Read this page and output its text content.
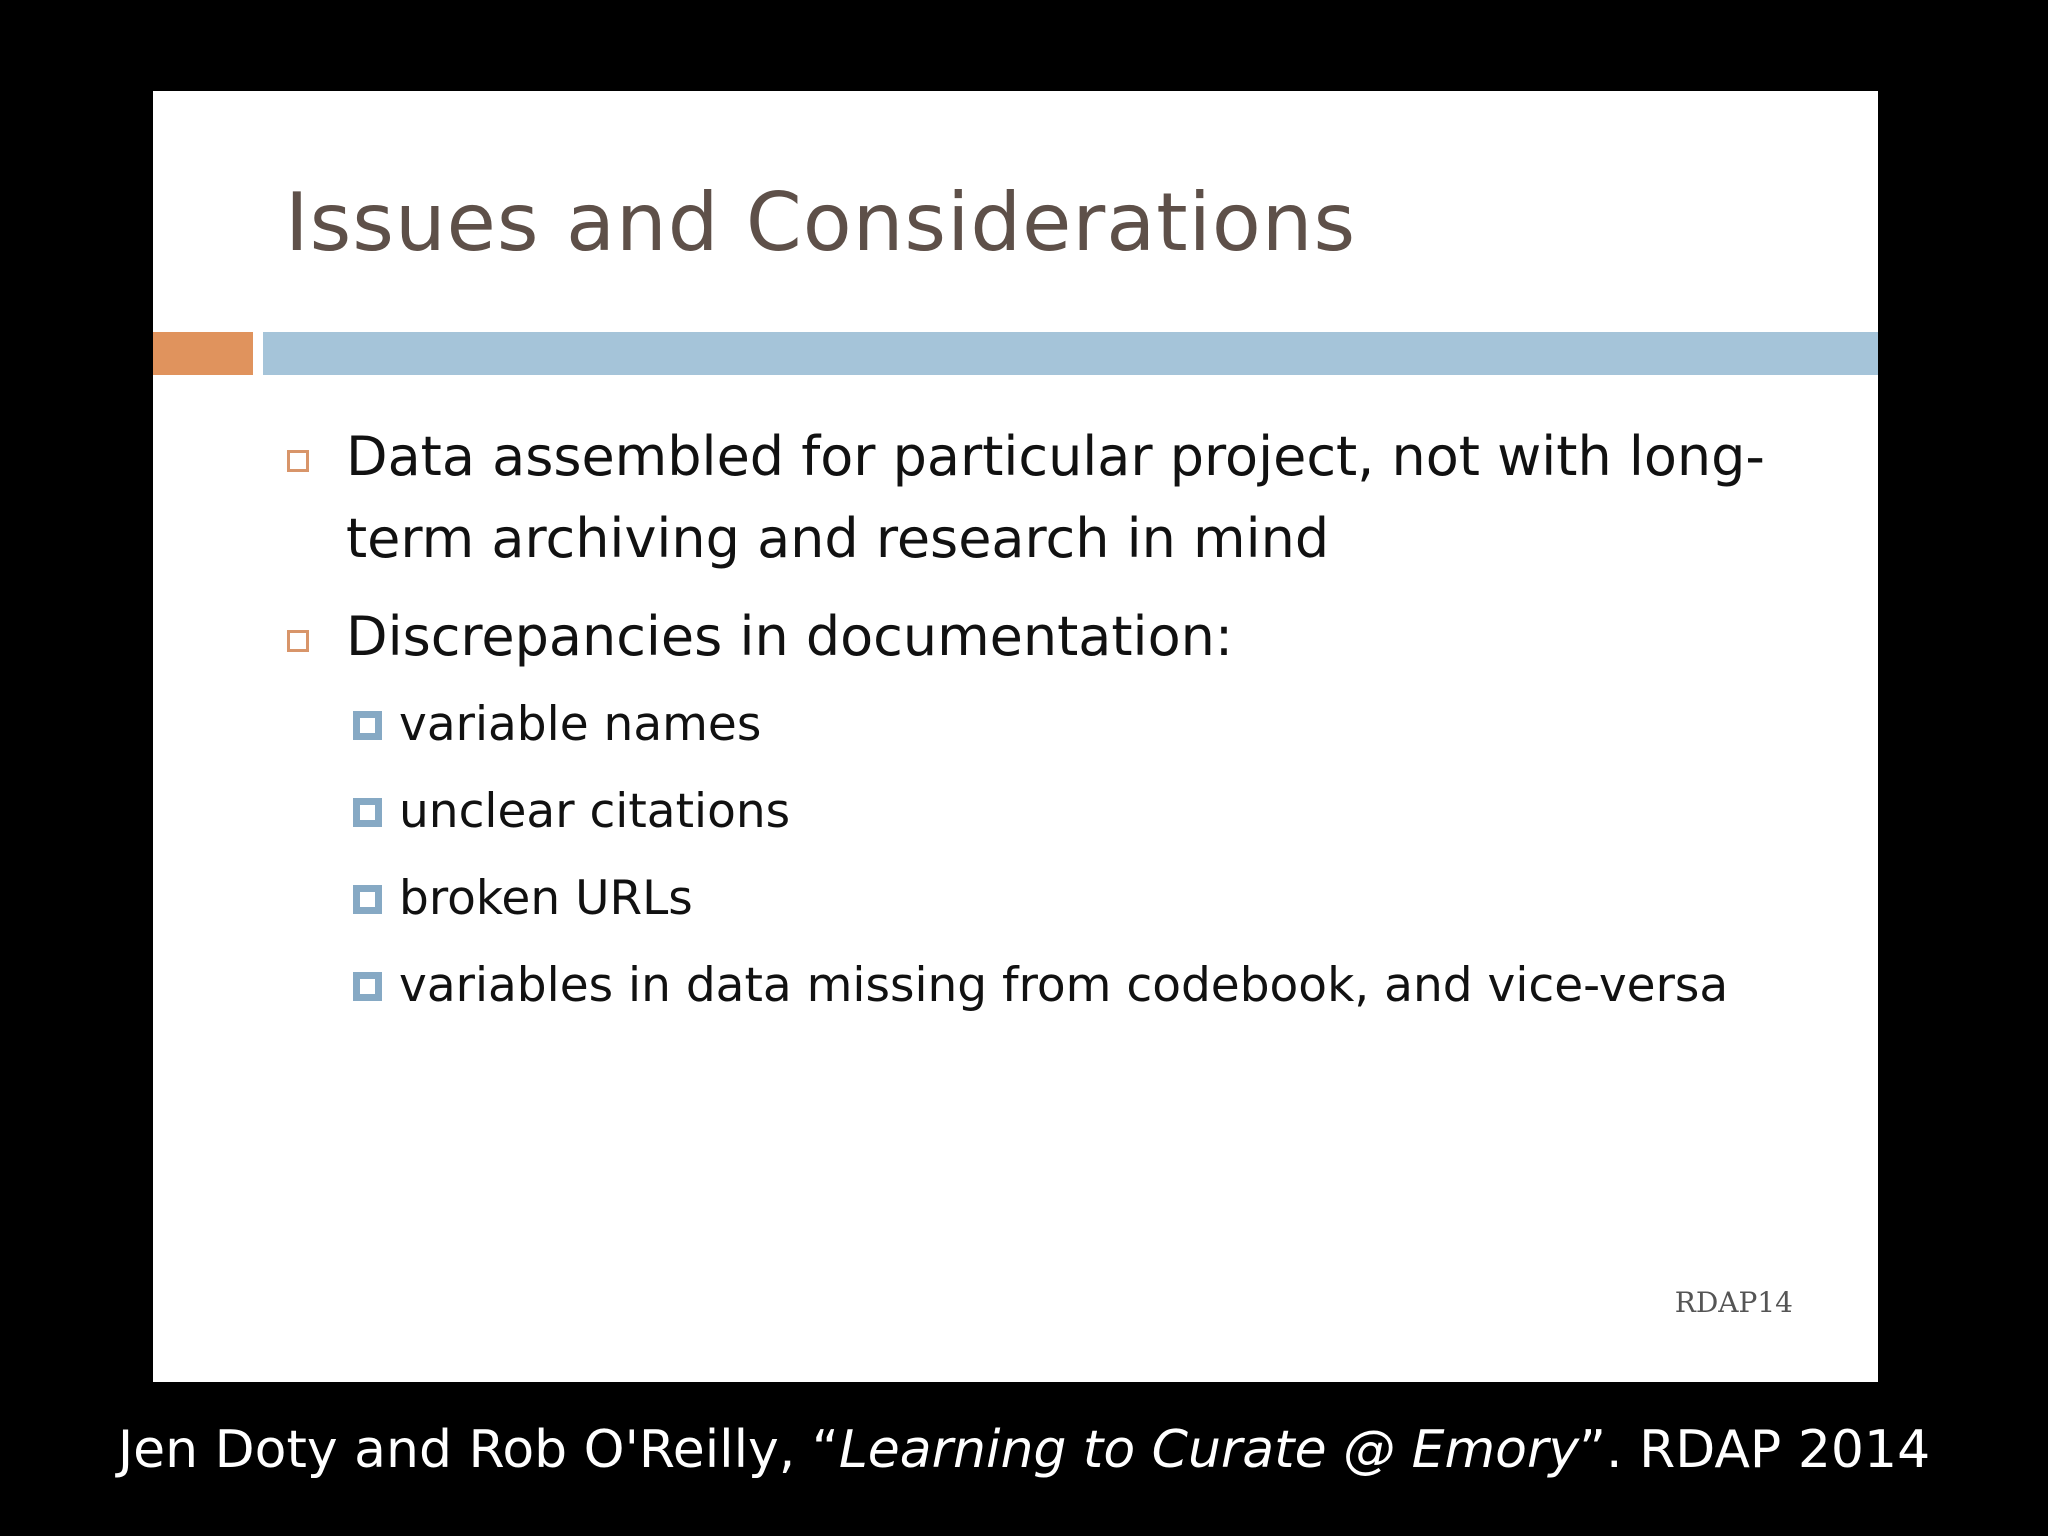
Issues and Considerations
Data assembled for particular project, not with long-term archiving and research in mind
Discrepancies in documentation:
variable names
unclear citations
broken URLs
variables in data missing from codebook, and vice-versa
RDAP14
Jen Doty and Rob O'Reilly, “Learning to Curate @ Emory”. RDAP 2014
